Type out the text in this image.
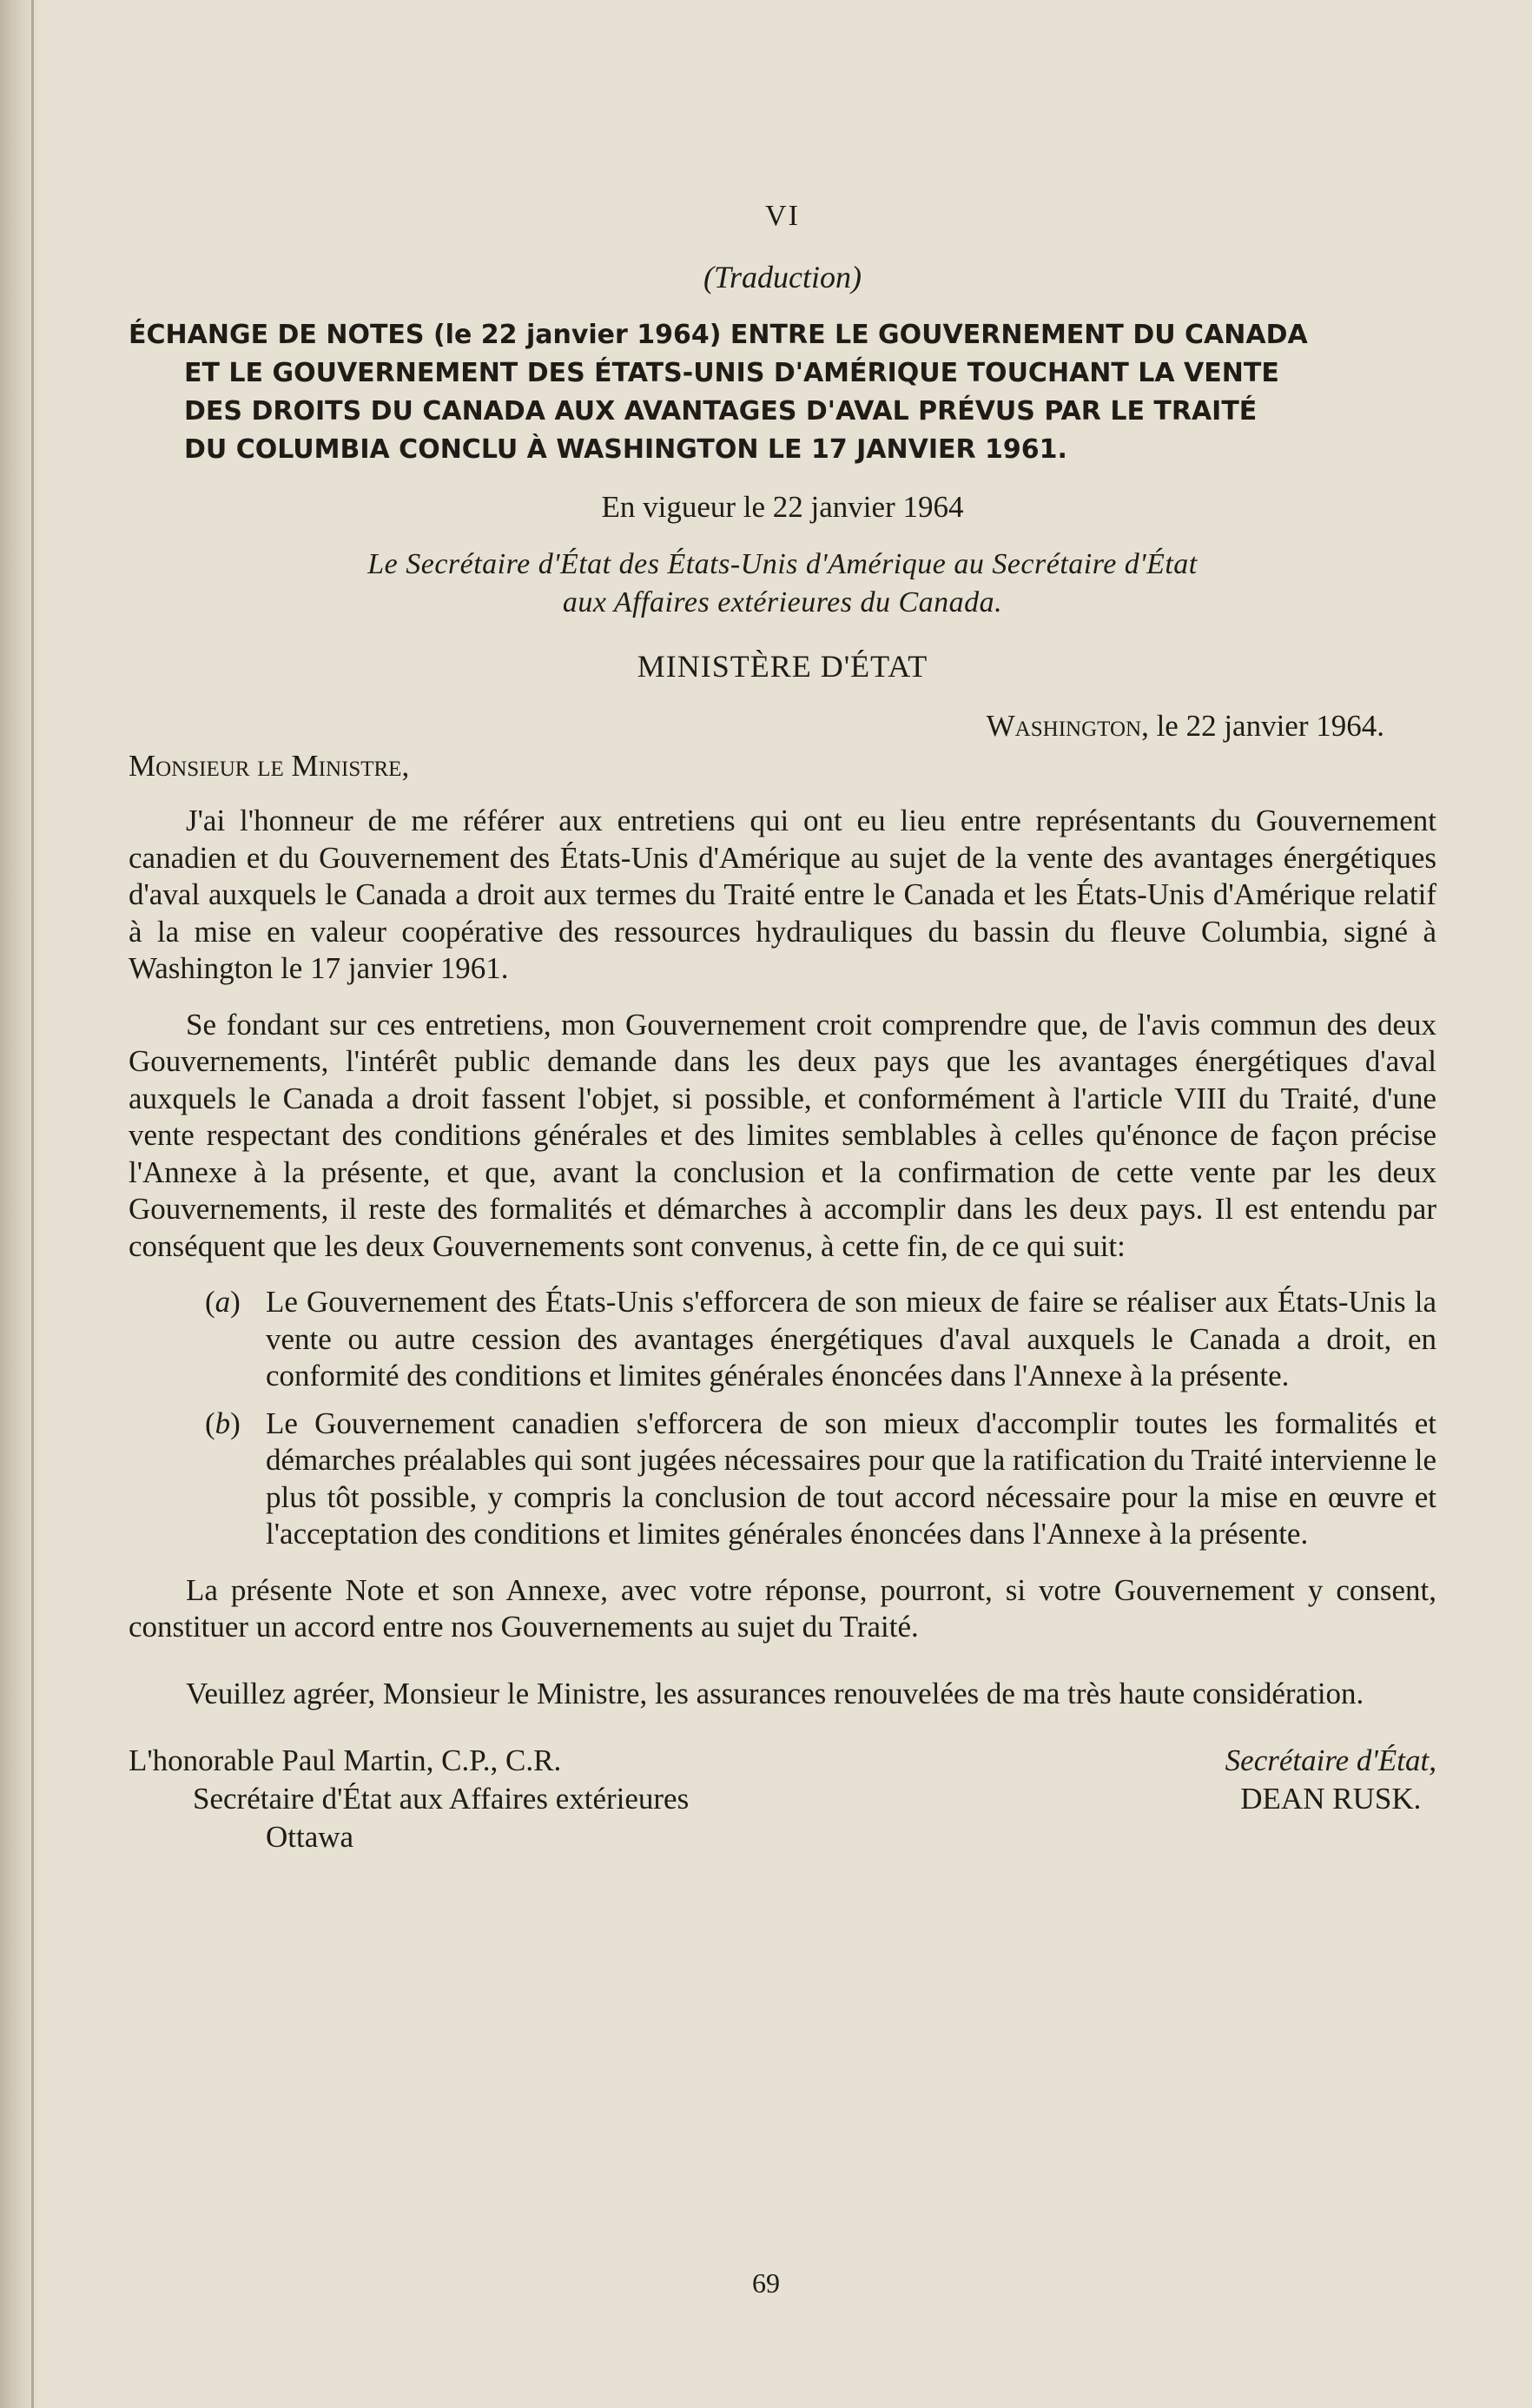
VI
(Traduction)
ÉCHANGE DE NOTES (le 22 janvier 1964) ENTRE LE GOUVERNEMENT DU CANADA
ET LE GOUVERNEMENT DES ÉTATS-UNIS D'AMÉRIQUE TOUCHANT LA VENTE
DES DROITS DU CANADA AUX AVANTAGES D'AVAL PRÉVUS PAR LE TRAITÉ
DU COLUMBIA CONCLU À WASHINGTON LE 17 JANVIER 1961.
En vigueur le 22 janvier 1964
Le Secrétaire d'État des États-Unis d'Amérique au Secrétaire d'État
aux Affaires extérieures du Canada.
MINISTÈRE D'ÉTAT
Washington, le 22 janvier 1964.
Monsieur le Ministre,

J'ai l'honneur de me référer aux entretiens qui ont eu lieu entre représentants du Gouvernement canadien et du Gouvernement des États-Unis d'Amérique au sujet de la vente des avantages énergétiques d'aval auxquels le Canada a droit aux termes du Traité entre le Canada et les États-Unis d'Amérique relatif à la mise en valeur coopérative des ressources hydrauliques du bassin du fleuve Columbia, signé à Washington le 17 janvier 1961.

Se fondant sur ces entretiens, mon Gouvernement croit comprendre que, de l'avis commun des deux Gouvernements, l'intérêt public demande dans les deux pays que les avantages énergétiques d'aval auxquels le Canada a droit fassent l'objet, si possible, et conformément à l'article VIII du Traité, d'une vente respectant des conditions générales et des limites semblables à celles qu'énonce de façon précise l'Annexe à la présente, et que, avant la conclusion et la confirmation de cette vente par les deux Gouvernements, il reste des formalités et démarches à accomplir dans les deux pays. Il est entendu par conséquent que les deux Gouvernements sont convenus, à cette fin, de ce qui suit:

(a) Le Gouvernement des États-Unis s'efforcera de son mieux de faire se réaliser aux États-Unis la vente ou autre cession des avantages énergétiques d'aval auxquels le Canada a droit, en conformité des conditions et limites générales énoncées dans l'Annexe à la présente.
(b) Le Gouvernement canadien s'efforcera de son mieux d'accomplir toutes les formalités et démarches préalables qui sont jugées nécessaires pour que la ratification du Traité intervienne le plus tôt possible, y compris la conclusion de tout accord nécessaire pour la mise en œuvre et l'acceptation des conditions et limites générales énoncées dans l'Annexe à la présente.

La présente Note et son Annexe, avec votre réponse, pourront, si votre Gouvernement y consent, constituer un accord entre nos Gouvernements au sujet du Traité.

Veuillez agréer, Monsieur le Ministre, les assurances renouvelées de ma très haute considération.

L'honorable Paul Martin, C.P., C.R.
Secrétaire d'État aux Affaires extérieures
Ottawa
Secrétaire d'État,
DEAN RUSK.
69
